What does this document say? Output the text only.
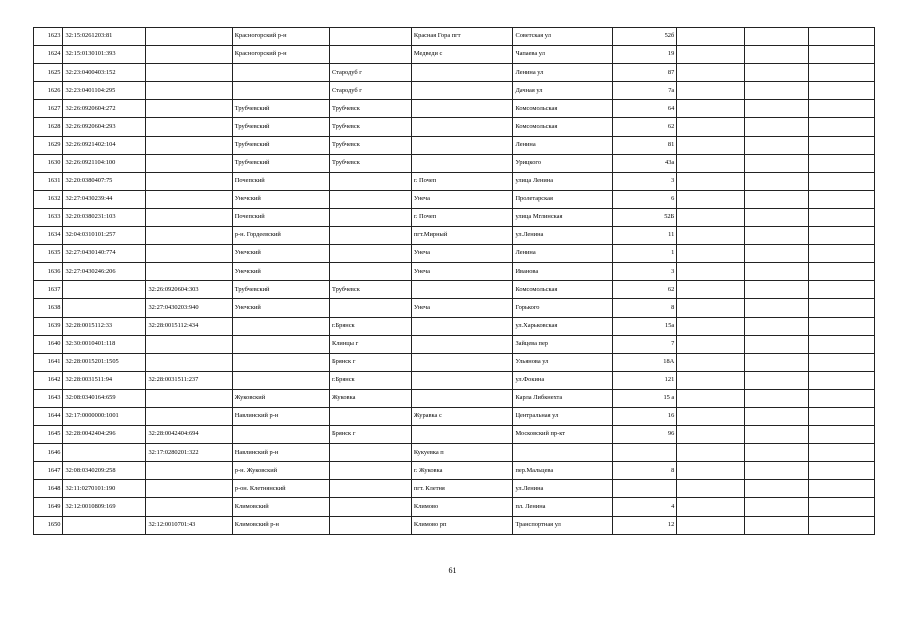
1623	32:15:0261203:81		Красногорский р-н		Красная Гора пгт	Советская ул	52б			
1624	32:15:0130101:393		Красногорский р-н		Медведи с	Чапаева ул	19			
1625	32:23:0400403:152			Стародуб г		Ленина ул	87			
1626	32:23:0401104:295			Стародуб г		Дачная ул	7а			
1627	32:26:0920604:272		Трубчевский	Трубчевск		Комсомольская	64			
1628	32:26:0920604:293		Трубчевский	Трубчевск		Комсомольская	62			
1629	32:26:0921402:104		Трубчевский	Трубчевск		Ленина	81			
1630	32:26:0921104:100		Трубчевский	Трубчевск		Урицкого	43а			
1631	32:20:0380407:75		Почепский		г. Почеп	улица Ленина	3			
1632	32:27:0430239:44		Унечский		Унеча	Пролетарская	6			
1633	32:20:0380231:103		Почепский		г. Почеп	улица Мглинская	52Б			
1634	32:04:0310101:257		р-н. Гордеевский		пгт.Мирный	ул.Ленина	11			
1635	32:27:0430140:774		Унечский		Унеча	Ленина	1			
1636	32:27:0430246:206		Унечский		Унеча	Иванова	3			
1637		32:26:0920604:303	Трубчевский	Трубчевск		Комсомольская	62			
1638		32:27:0430203:940	Унечский		Унеча	Горького	8			
1639	32:28:0015112:33	32:28:0015112:434		г.Брянск		ул.Харьковская	15а			
1640	32:30:0010401:118			Клинцы г		Зайцева пер	7			
1641	32:28:0015201:1505			Брянск г		Ульянова ул	18А			
1642	32:28:0031511:94	32:28:0031511:237		г.Брянск		ул.Фокина	121			
1643	32:08:0340164:659		Жуковский	Жуковка		Карла Либкнехта	15 а			
1644	32:17:0000000:1001		Навлинский р-н		Журавка с	Центральная ул	16			
1645	32:28:0042404:296	32:28:0042404:694		Брянск г		Московский пр-кт	96			
1646		32:17:0280201:322	Навлинский р-н		Кукуевка п					
1647	32:08:0340209:258		р-н. Жуковский		г. Жуковка	пер.Мальцева	8			
1648	32:11:0270101:190		р-он. Клетнянский		пгт. Клетня	ул.Ленина				
1649	32:12:0010809:169		Климовский		Климово	пл. Ленина	4			
1650		32:12:0010701:43	Климовский р-н		Климово рп	Транспортная ул	12			
61
